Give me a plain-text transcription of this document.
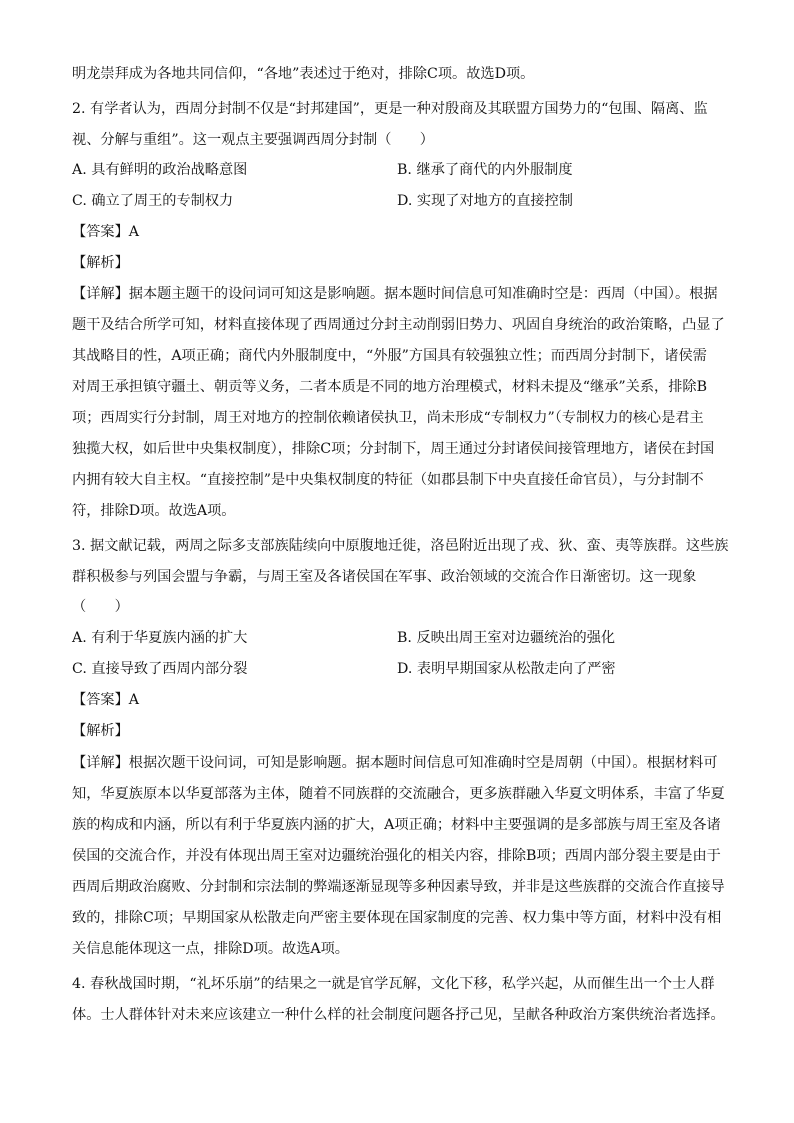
明龙崇拜成为各地共同信仰，“各地”表述过于绝对，排除C项。故选D项。
2. 有学者认为，西周分封制不仅是“封邦建国”，更是一种对殷商及其联盟方国势力的“包围、隔离、监
视、分解与重组”。这一观点主要强调西周分封制（　　）
A. 具有鲜明的政治战略意图	B. 继承了商代的内外服制度
C. 确立了周王的专制权力	D. 实现了对地方的直接控制
【答案】A
【解析】
【详解】据本题主题干的设问词可知这是影响题。据本题时间信息可知准确时空是：西周（中国）。根据
题干及结合所学可知，材料直接体现了西周通过分封主动削弱旧势力、巩固自身统治的政治策略，凸显了
其战略目的性，A项正确；商代内外服制度中，“外服”方国具有较强独立性；而西周分封制下，诸侯需
对周王承担镇守疆土、朝贡等义务，二者本质是不同的地方治理模式，材料未提及“继承”关系，排除B
项；西周实行分封制，周王对地方的控制依赖诸侯执卫，尚未形成“专制权力”（专制权力的核心是君主
独揽大权，如后世中央集权制度），排除C项；分封制下，周王通过分封诸侯间接管理地方，诸侯在封国
内拥有较大自主权。“直接控制”是中央集权制度的特征（如郡县制下中央直接任命官员），与分封制不
符，排除D项。故选A项。
3. 据文献记载，两周之际多支部族陆续向中原腹地迁徙，洛邑附近出现了戎、狄、蛮、夷等族群。这些族
群积极参与列国会盟与争霸，与周王室及各诸侯国在军事、政治领域的交流合作日渐密切。这一现象
（　　）
A. 有利于华夏族内涵的扩大	B. 反映出周王室对边疆统治的强化
C. 直接导致了西周内部分裂	D. 表明早期国家从松散走向了严密
【答案】A
【解析】
【详解】根据次题干设问词，可知是影响题。据本题时间信息可知准确时空是周朝（中国）。根据材料可
知，华夏族原本以华夏部落为主体，随着不同族群的交流融合，更多族群融入华夏文明体系，丰富了华夏
族的构成和内涵，所以有利于华夏族内涵的扩大，A项正确；材料中主要强调的是多部族与周王室及各诸
侯国的交流合作，并没有体现出周王室对边疆统治强化的相关内容，排除B项；西周内部分裂主要是由于
西周后期政治腐败、分封制和宗法制的弊端逐渐显现等多种因素导致，并非是这些族群的交流合作直接导
致的，排除C项；早期国家从松散走向严密主要体现在国家制度的完善、权力集中等方面，材料中没有相
关信息能体现这一点，排除D项。故选A项。
4. 春秋战国时期，“礼坏乐崩”的结果之一就是官学瓦解，文化下移，私学兴起，从而催生出一个士人群
体。士人群体针对未来应该建立一种什么样的社会制度问题各抒己见，呈献各种政治方案供统治者选择。
